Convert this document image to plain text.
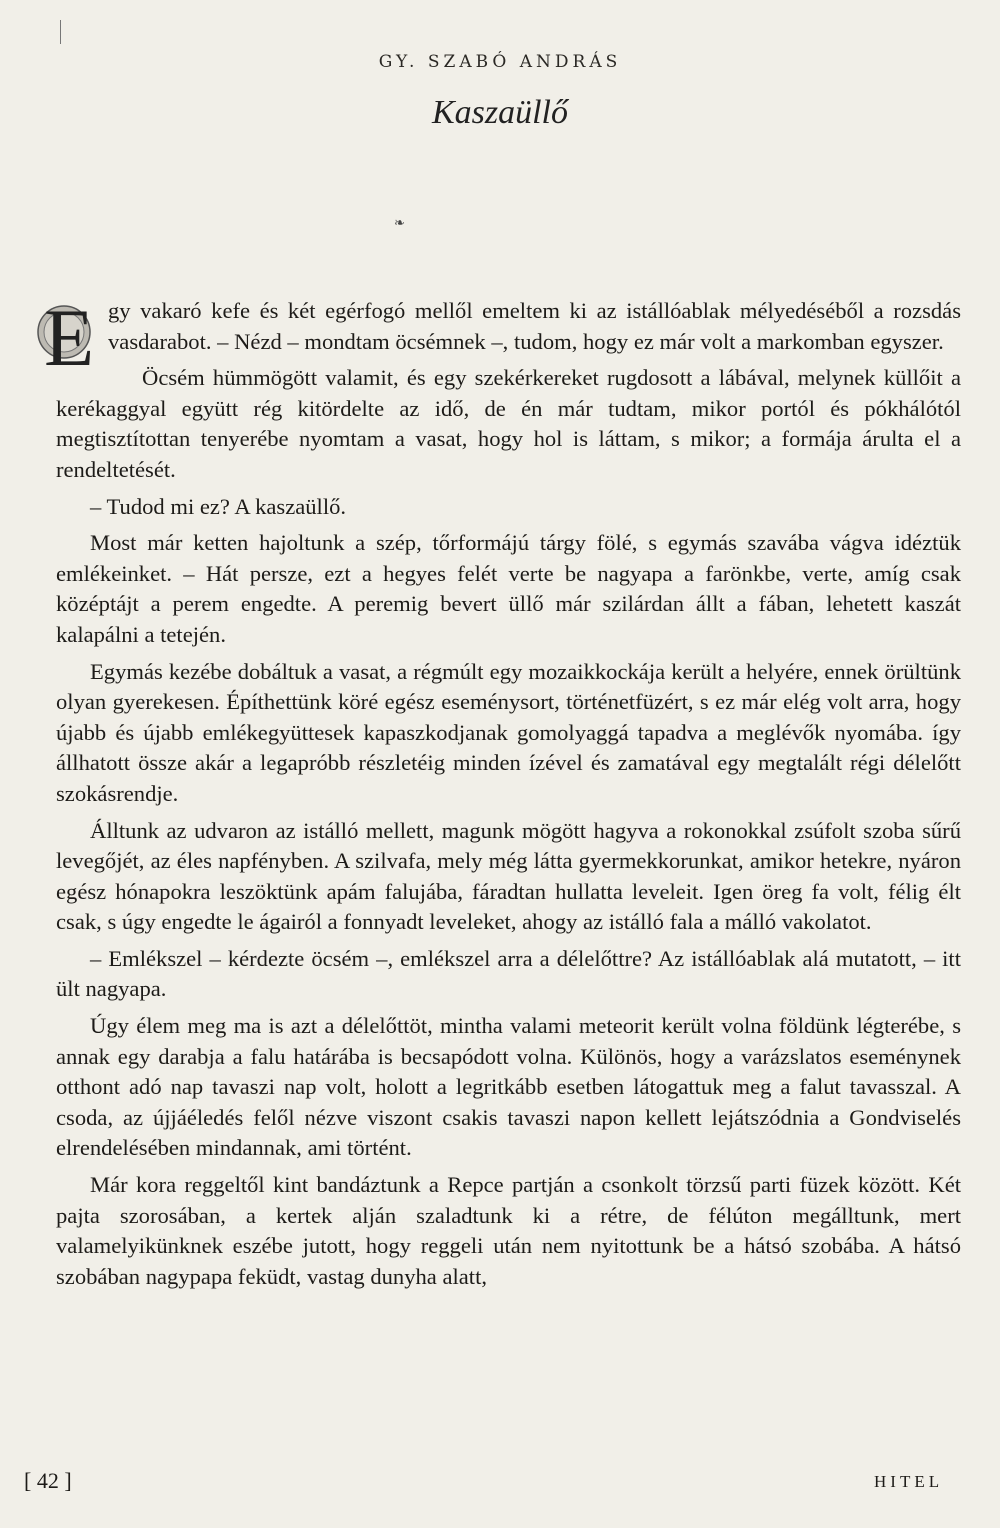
GY. SZABÓ ANDRÁS
Kaszaüllő
❧

E gy vakaró kefe és két egérfogó mellől emeltem ki az istállóablak mélyedéséből a rozsdás vasdarabot. – Nézd – mondtam öcsémnek –, tudom, hogy ez már volt a markomban egyszer.

Öcsém hümmögött valamit, és egy szekérkereket rugdosott a lábával, melynek küllőit a kerékaggyal együtt rég kitördelte az idő, de én már tudtam, mikor portól és pókhálótól megtisztítottan tenyerébe nyomtam a vasat, hogy hol is láttam, s mikor; a formája árulta el a rendeltetését.

– Tudod mi ez? A kaszaüllő.

Most már ketten hajoltunk a szép, tőrformájú tárgy fölé, s egymás szavába vágva idéztük emlékeinket. – Hát persze, ezt a hegyes felét verte be nagyapa a farönkbe, verte, amíg csak középtájt a perem engedte. A peremig bevert üllő már szilárdan állt a fában, lehetett kaszát kalapálni a tetején.

Egymás kezébe dobáltuk a vasat, a régmúlt egy mozaikkockája került a helyére, ennek örültünk olyan gyerekesen. Építhettünk köré egész eseménysort, történetfüzért, s ez már elég volt arra, hogy újabb és újabb emlékegyüttesek kapaszkodjanak gomolyaggá tapadva a meglévők nyomába. így állhatott össze akár a legapróbb részletéig minden ízével és zamatával egy megtalált régi délelőtt szokásrendje.

Álltunk az udvaron az istálló mellett, magunk mögött hagyva a rokonokkal zsúfolt szoba sűrű levegőjét, az éles napfényben. A szilvafa, mely még látta gyermekkorunkat, amikor hetekre, nyáron egész hónapokra leszöktünk apám falujába, fáradtan hullatta leveleit. Igen öreg fa volt, félig élt csak, s úgy engedte le ágairól a fonnyadt leveleket, ahogy az istálló fala a málló vakolatot.

– Emlékszel – kérdezte öcsém –, emlékszel arra a délelőttre? Az istállóablak alá mutatott, – itt ült nagyapa.

Úgy élem meg ma is azt a délelőttöt, mintha valami meteorit került volna földünk légterébe, s annak egy darabja a falu határába is becsapódott volna. Különös, hogy a varázslatos eseménynek otthont adó nap tavaszi nap volt, holott a legritkább esetben látogattuk meg a falut tavasszal. A csoda, az újjáéledés felől nézve viszont csakis tavaszi napon kellett lejátszódnia a Gondviselés elrendelésében mindannak, ami történt.

Már kora reggeltől kint bandáztunk a Repce partján a csonkolt törzsű parti füzek között. Két pajta szorosában, a kertek alján szaladtunk ki a rétre, de félúton megálltunk, mert valamelyikünknek eszébe jutott, hogy reggeli után nem nyitottunk be a hátsó szobába. A hátsó szobában nagypapa feküdt, vastag dunyha alatt,

[ 42 ]	HITEL
